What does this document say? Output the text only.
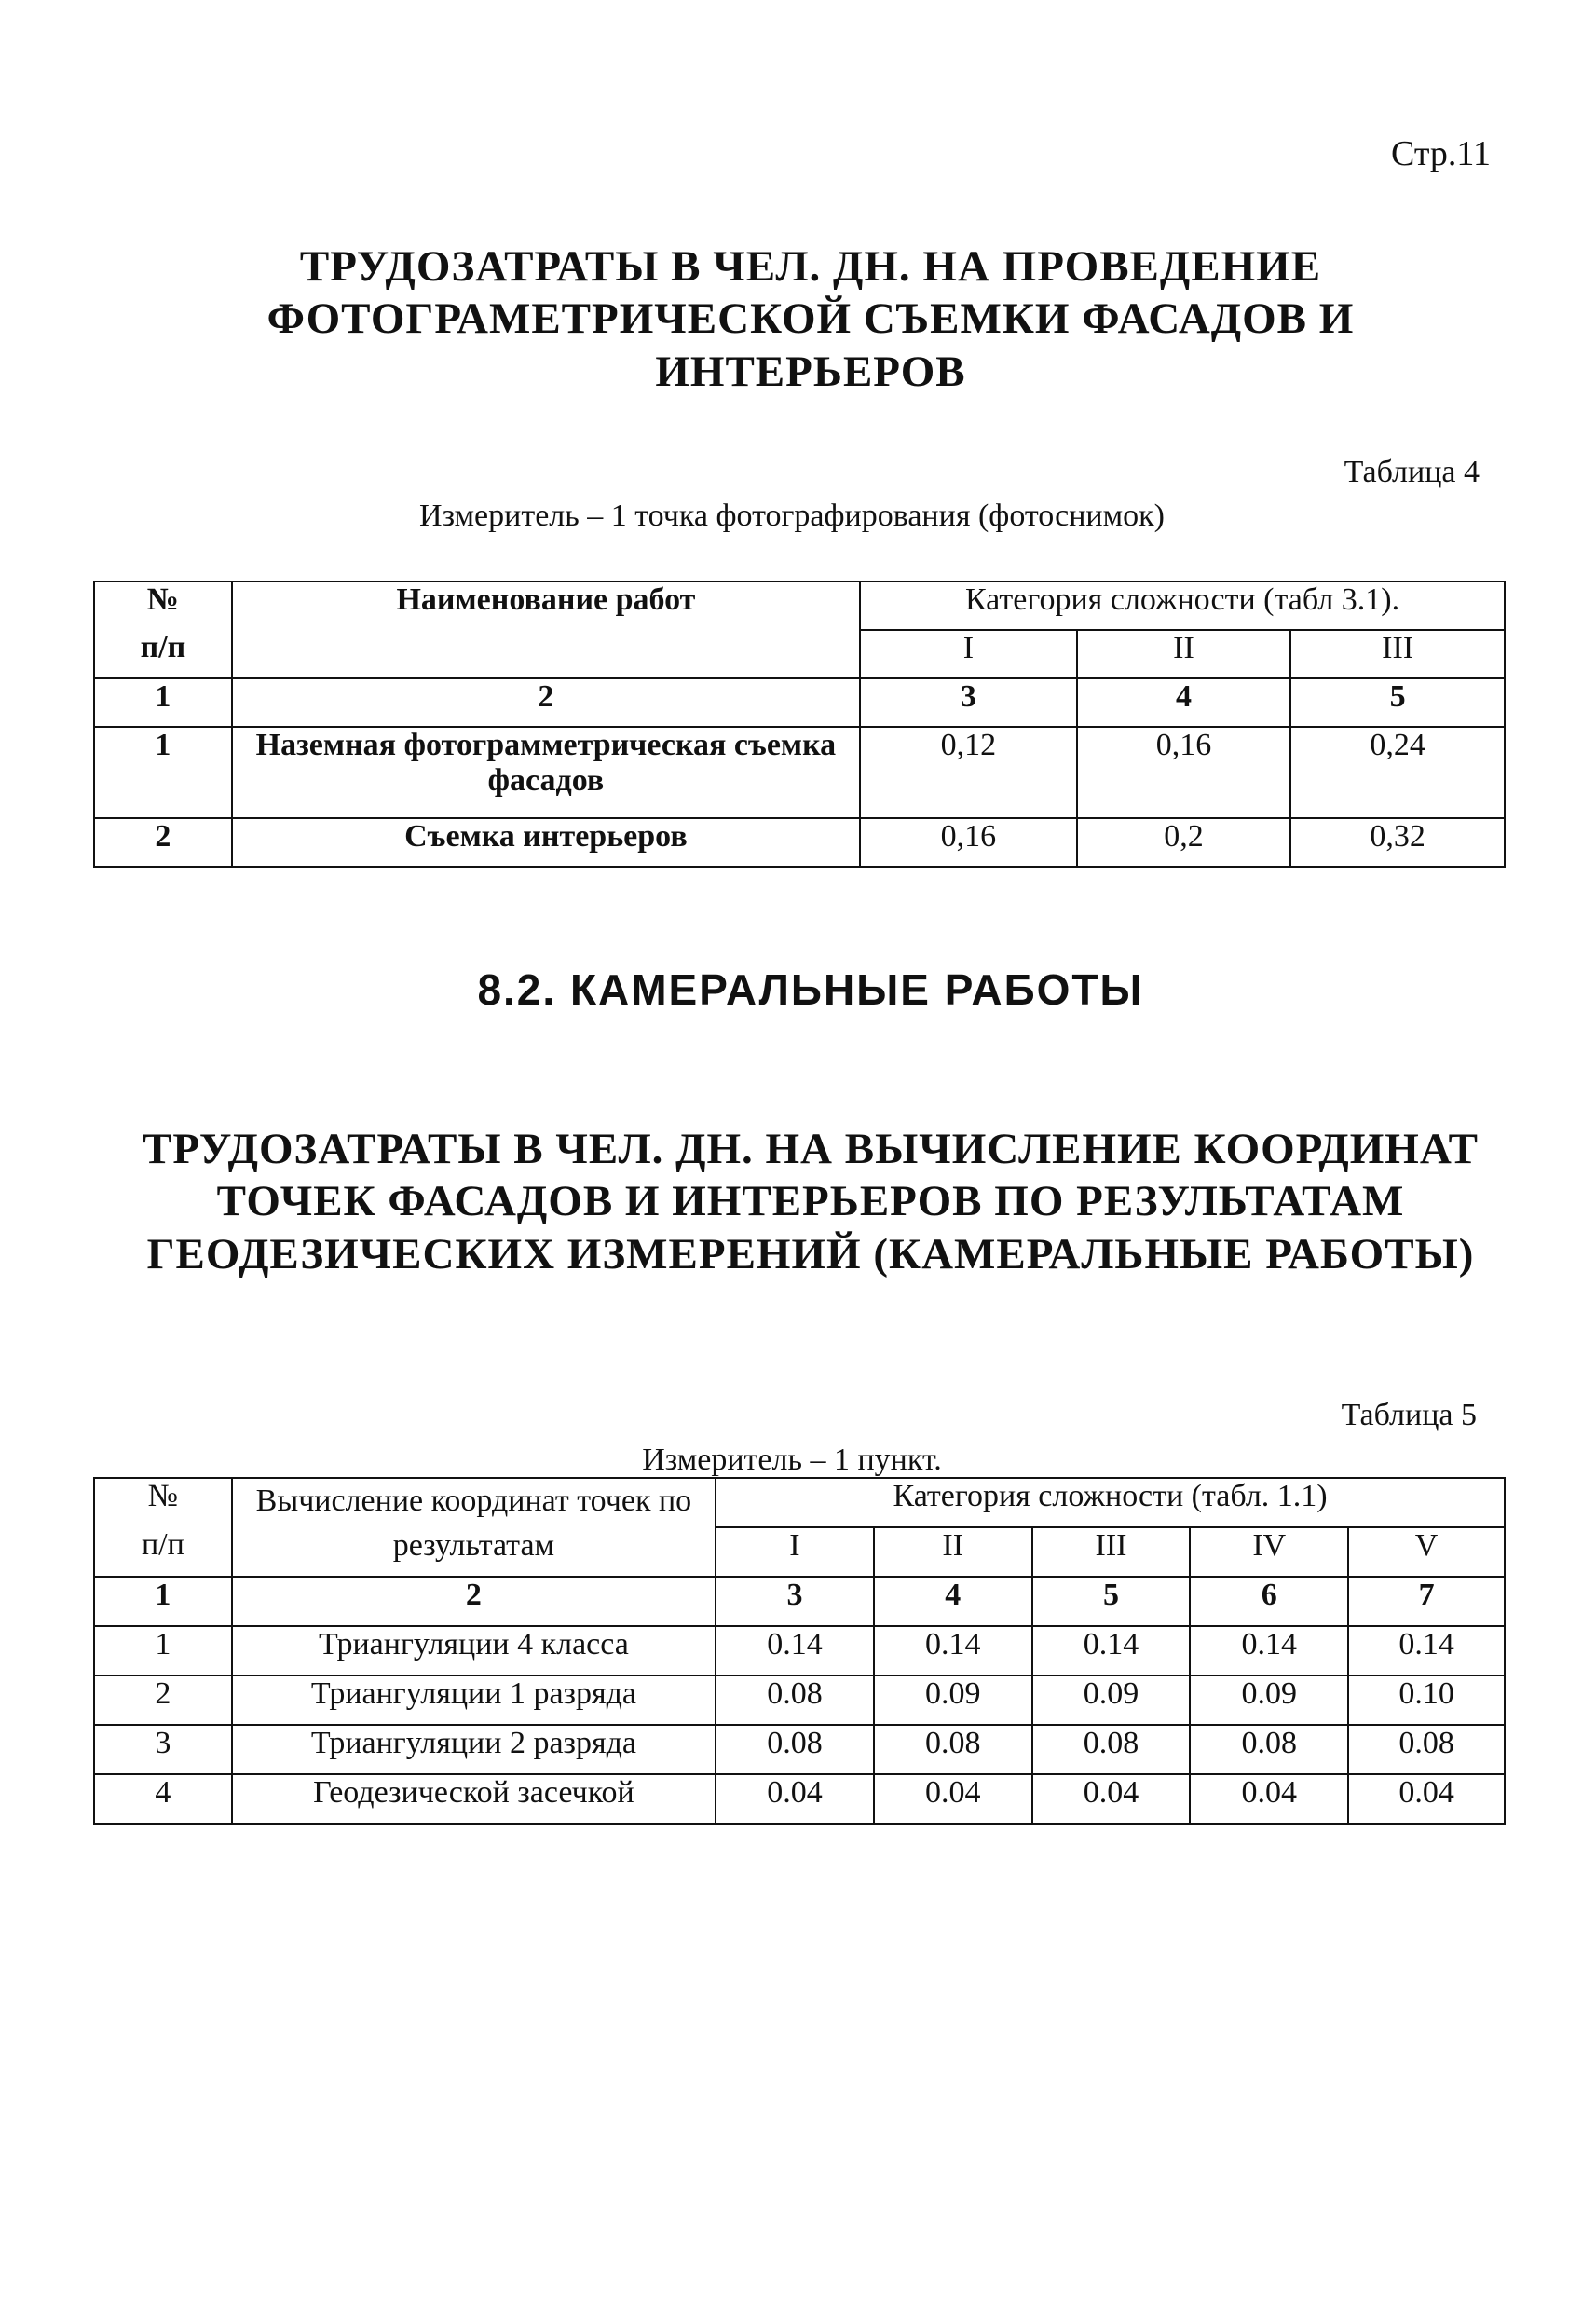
Стр.11
ТРУДОЗАТРАТЫ В ЧЕЛ. ДН. НА ПРОВЕДЕНИЕ ФОТОГРАМЕТРИЧЕСКОЙ СЪЕМКИ ФАСАДОВ И ИНТЕРЬЕРОВ
Таблица 4
Измеритель – 1 точка фотографирования (фотоснимок)
№	Наименование работ	Категория сложности (табл 3.1).		
п/п		I	II	III
1	2	3	4	5
1	Наземная фотограмметрическая съемка фасадов	0,12	0,16	0,24
2	Съемка интерьеров	0,16	0,2	0,32
8.2. КАМЕРАЛЬНЫЕ РАБОТЫ
ТРУДОЗАТРАТЫ В ЧЕЛ. ДН. НА ВЫЧИСЛЕНИЕ КООРДИНАТ ТОЧЕК ФАСАДОВ И ИНТЕРЬЕРОВ ПО РЕЗУЛЬТАТАМ ГЕОДЕЗИЧЕСКИХ ИЗМЕРЕНИЙ (КАМЕРАЛЬНЫЕ РАБОТЫ)
Таблица 5
Измеритель – 1 пункт.
№	Вычисление координат точек по результатам	Категория сложности (табл. 1.1)				
п/п		I	II	III	IV	V
1	2	3	4	5	6	7
1	Триангуляции 4 класса	0.14	0.14	0.14	0.14	0.14
2	Триангуляции 1 разряда	0.08	0.09	0.09	0.09	0.10
3	Триангуляции 2 разряда	0.08	0.08	0.08	0.08	0.08
4	Геодезической засечкой	0.04	0.04	0.04	0.04	0.04
